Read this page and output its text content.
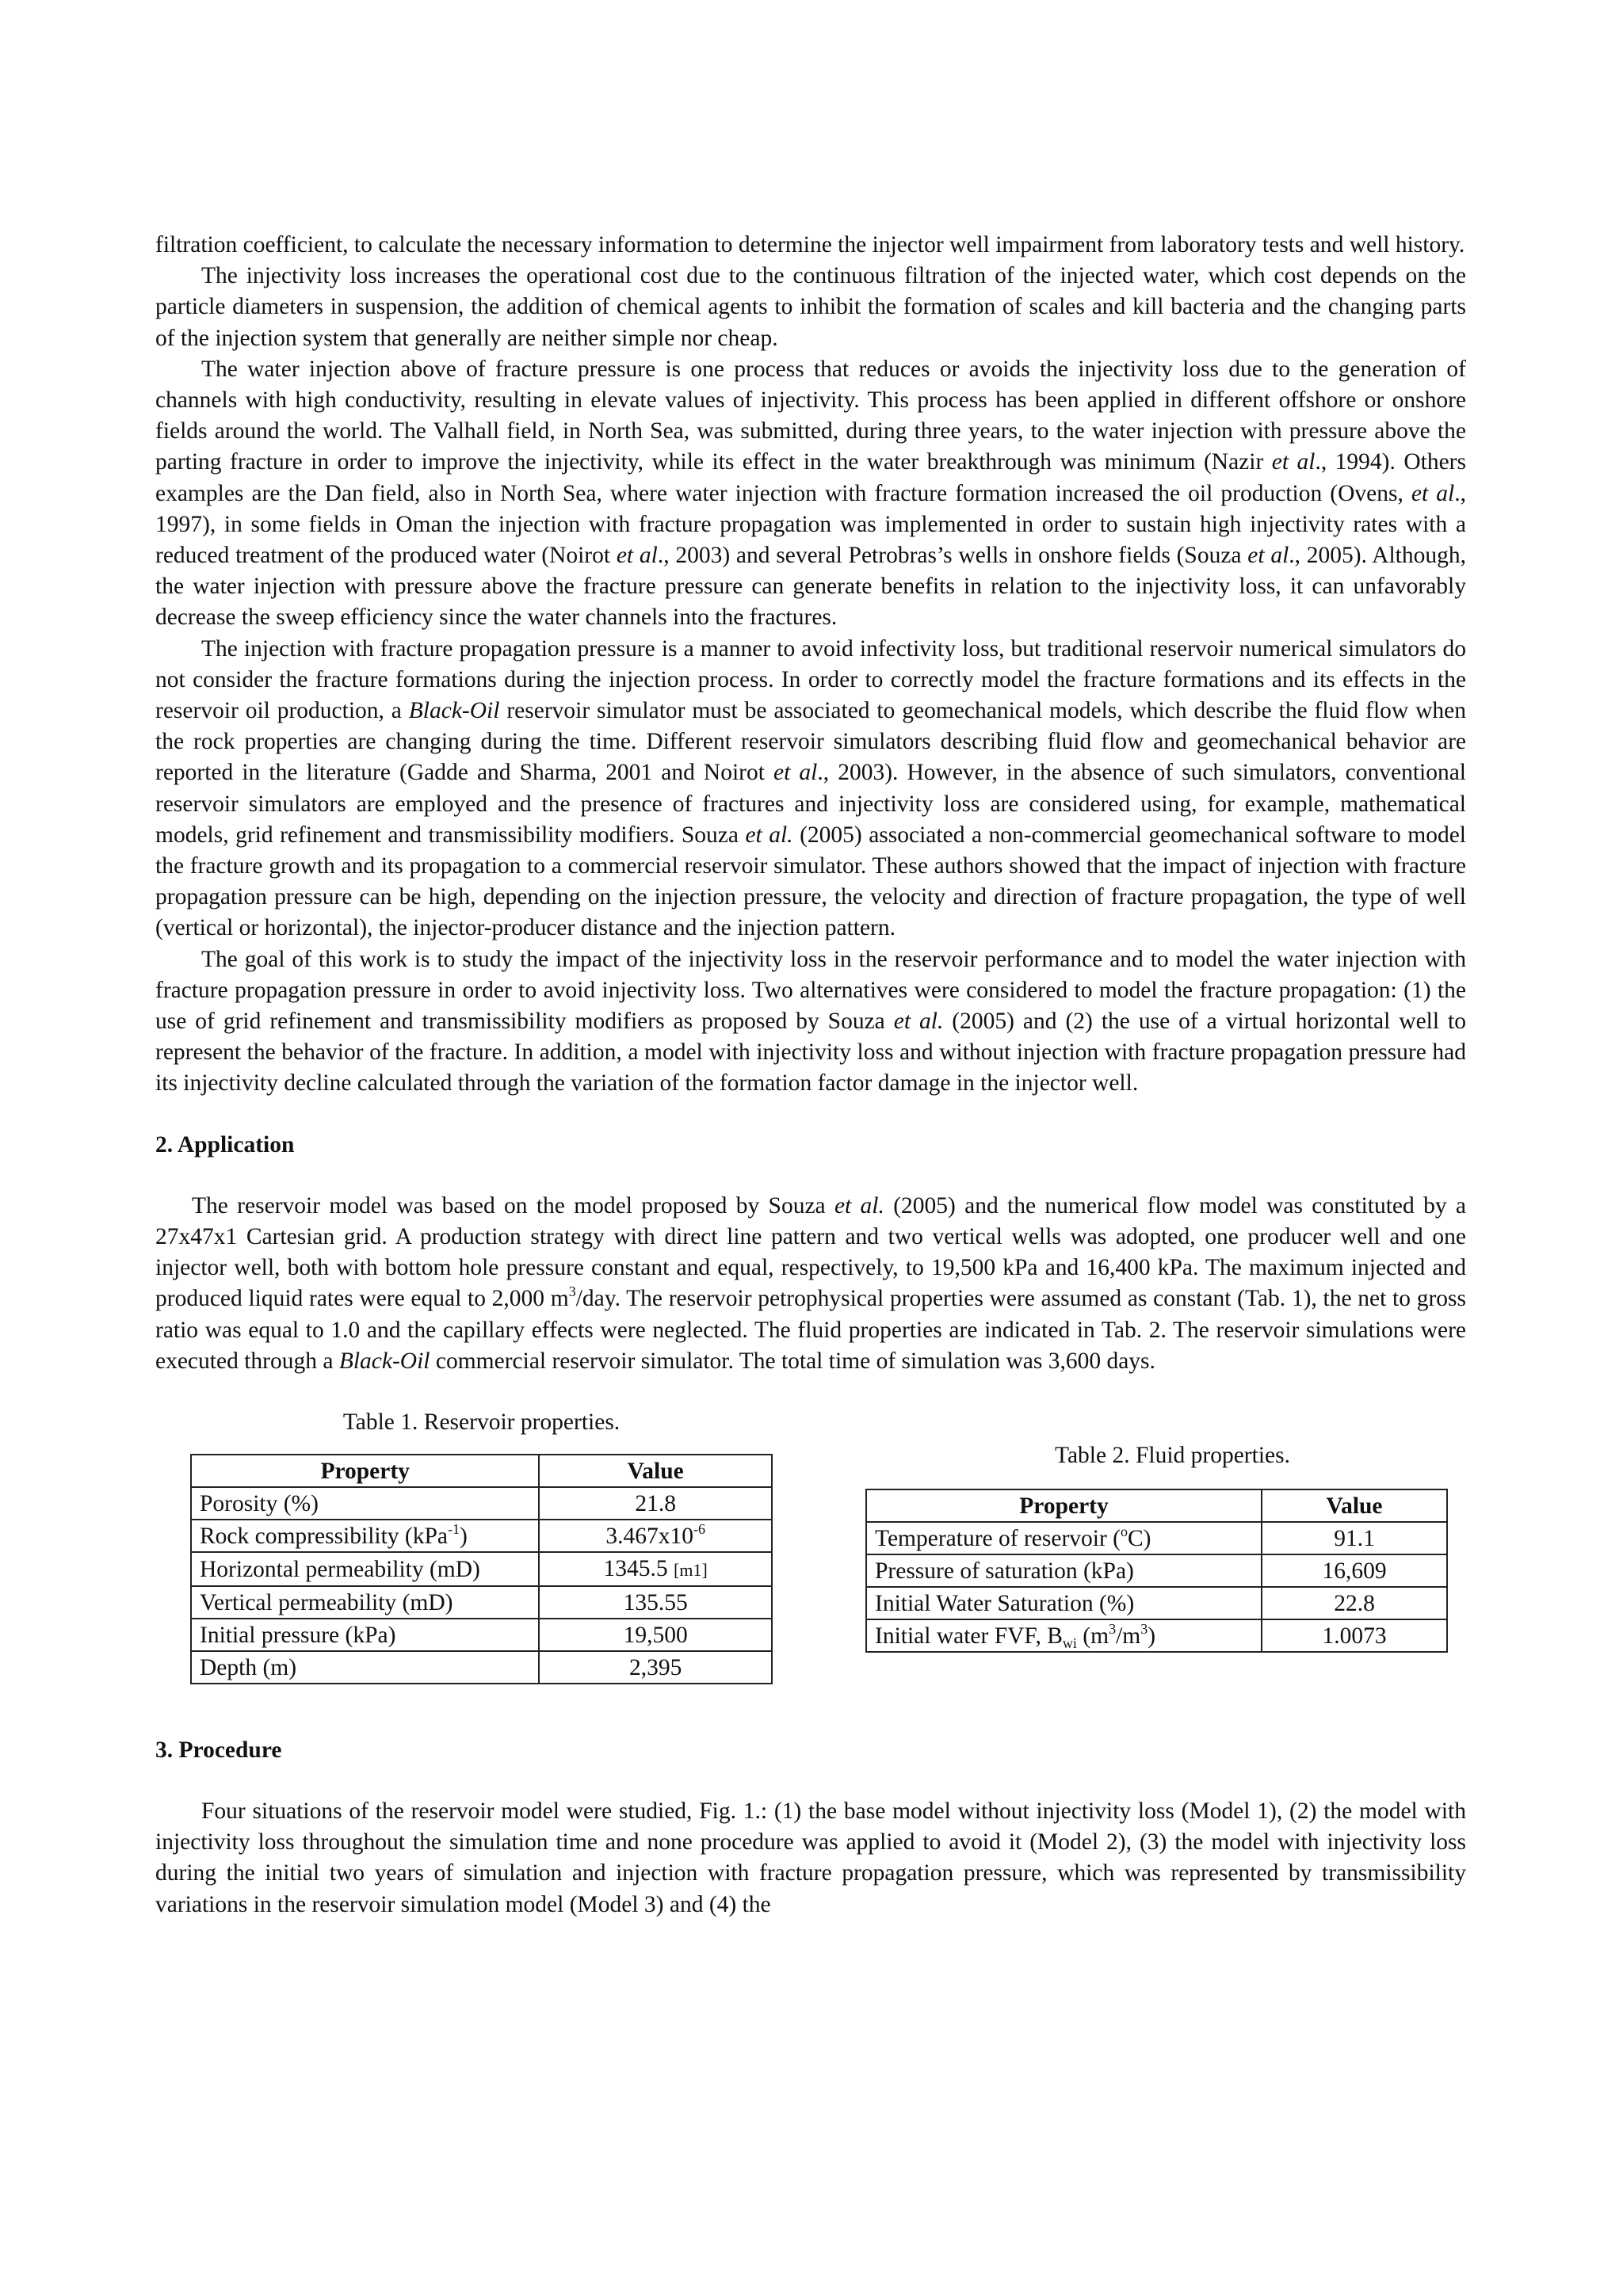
filtration coefficient, to calculate the necessary information to determine the injector well impairment from laboratory tests and well history.

The injectivity loss increases the operational cost due to the continuous filtration of the injected water, which cost depends on the particle diameters in suspension, the addition of chemical agents to inhibit the formation of scales and kill bacteria and the changing parts of the injection system that generally are neither simple nor cheap.

The water injection above of fracture pressure is one process that reduces or avoids the injectivity loss due to the generation of channels with high conductivity, resulting in elevate values of injectivity. This process has been applied in different offshore or onshore fields around the world. The Valhall field, in North Sea, was submitted, during three years, to the water injection with pressure above the parting fracture in order to improve the injectivity, while its effect in the water breakthrough was minimum (Nazir et al., 1994). Others examples are the Dan field, also in North Sea, where water injection with fracture formation increased the oil production (Ovens, et al., 1997), in some fields in Oman the injection with fracture propagation was implemented in order to sustain high injectivity rates with a reduced treatment of the produced water (Noirot et al., 2003) and several Petrobras’s wells in onshore fields (Souza et al., 2005). Although, the water injection with pressure above the fracture pressure can generate benefits in relation to the injectivity loss, it can unfavorably decrease the sweep efficiency since the water channels into the fractures.

The injection with fracture propagation pressure is a manner to avoid infectivity loss, but traditional reservoir numerical simulators do not consider the fracture formations during the injection process. In order to correctly model the fracture formations and its effects in the reservoir oil production, a Black-Oil reservoir simulator must be associated to geomechanical models, which describe the fluid flow when the rock properties are changing during the time. Different reservoir simulators describing fluid flow and geomechanical behavior are reported in the literature (Gadde and Sharma, 2001 and Noirot et al., 2003). However, in the absence of such simulators, conventional reservoir simulators are employed and the presence of fractures and injectivity loss are considered using, for example, mathematical models, grid refinement and transmissibility modifiers. Souza et al. (2005) associated a non-commercial geomechanical software to model the fracture growth and its propagation to a commercial reservoir simulator. These authors showed that the impact of injection with fracture propagation pressure can be high, depending on the injection pressure, the velocity and direction of fracture propagation, the type of well (vertical or horizontal), the injector-producer distance and the injection pattern.

The goal of this work is to study the impact of the injectivity loss in the reservoir performance and to model the water injection with fracture propagation pressure in order to avoid injectivity loss. Two alternatives were considered to model the fracture propagation: (1) the use of grid refinement and transmissibility modifiers as proposed by Souza et al. (2005) and (2) the use of a virtual horizontal well to represent the behavior of the fracture. In addition, a model with injectivity loss and without injection with fracture propagation pressure had its injectivity decline calculated through the variation of the formation factor damage in the injector well.

2. Application

The reservoir model was based on the model proposed by Souza et al. (2005) and the numerical flow model was constituted by a 27x47x1 Cartesian grid. A production strategy with direct line pattern and two vertical wells was adopted, one producer well and one injector well, both with bottom hole pressure constant and equal, respectively, to 19,500 kPa and 16,400 kPa. The maximum injected and produced liquid rates were equal to 2,000 $m^3$/day. The reservoir petrophysical properties were assumed as constant (Tab. 1), the net to gross ratio was equal to 1.0 and the capillary effects were neglected. The fluid properties are indicated in Tab. 2. The reservoir simulations were executed through a Black-Oil commercial reservoir simulator. The total time of simulation was 3,600 days.

Table 1. Reservoir properties.
Property	Value
Porosity (%)	21.8
Rock compressibility (kPa$^{-1}$)	$3.467x10^{-6}$
Horizontal permeability (mD)	1345.5 [m1]
Vertical permeability (mD)	135.55
Initial pressure (kPa)	19,500
Depth (m)	2,395
Table 2. Fluid properties.
Property	Value
Temperature of reservoir ($^o$C)	91.1
Pressure of saturation (kPa)	16,609
Initial Water Saturation (%)	22.8
Initial water FVF, $B_{wi}$ $(m^3/m^3)$	1.0073
3. Procedure

Four situations of the reservoir model were studied, Fig. 1.: (1) the base model without injectivity loss (Model 1), (2) the model with injectivity loss throughout the simulation time and none procedure was applied to avoid it (Model 2), (3) the model with injectivity loss during the initial two years of simulation and injection with fracture propagation pressure, which was represented by transmissibility variations in the reservoir simulation model (Model 3) and (4) the
